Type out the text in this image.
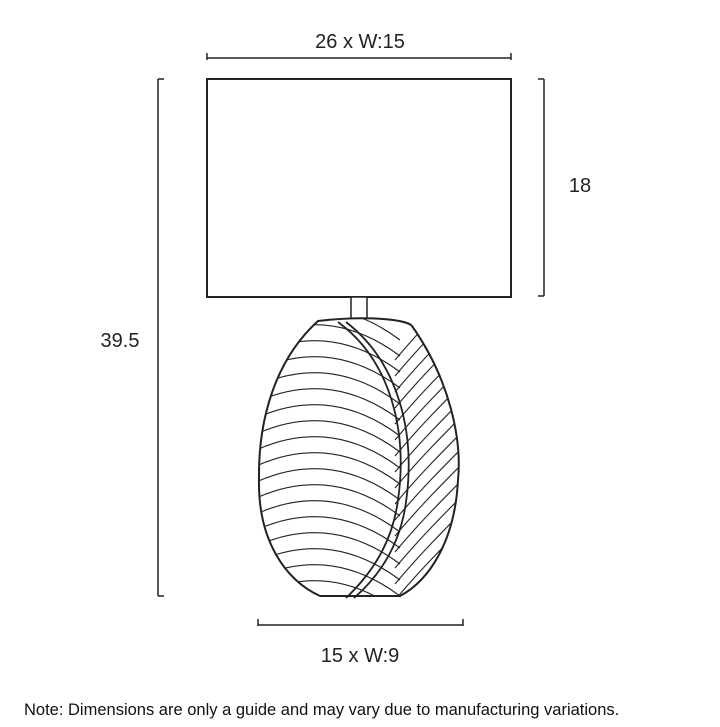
26 x W:15
39.5
18
15 x W:9
Note: Dimensions are only a guide and may vary due to manufacturing variations.
